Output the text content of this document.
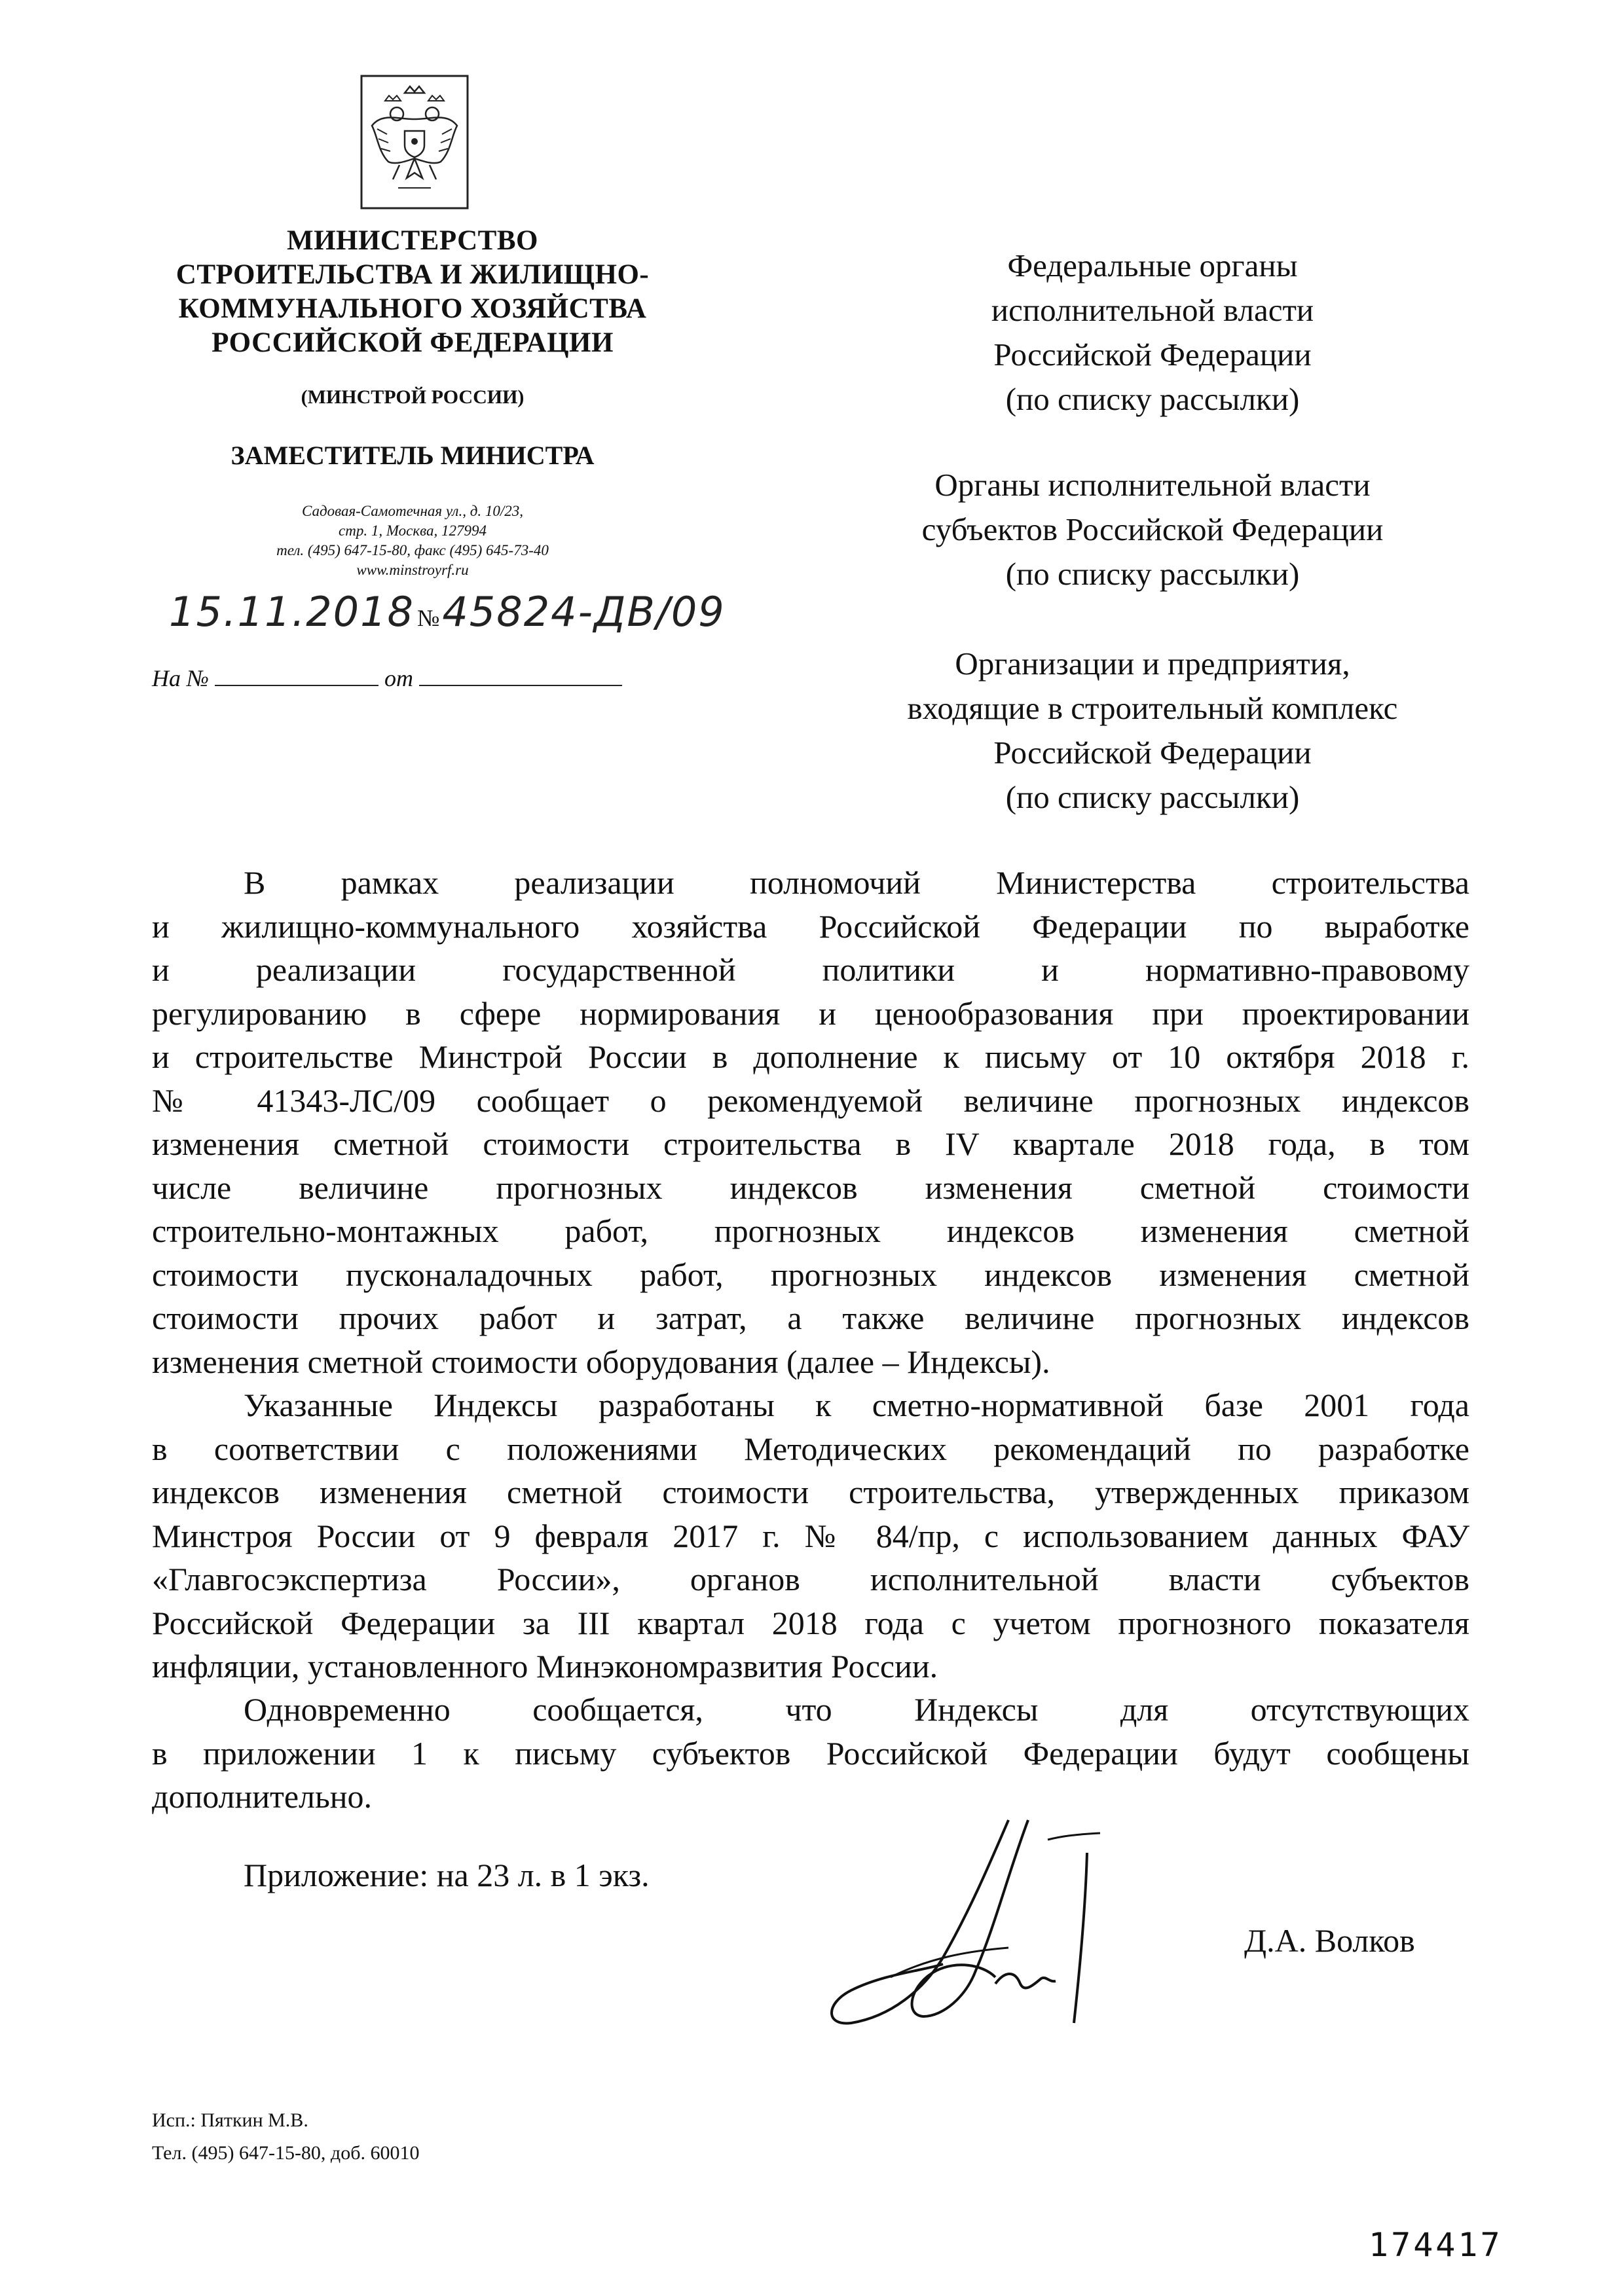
МИНИСТЕРСТВО
СТРОИТЕЛЬСТВА И ЖИЛИЩНО-
КОММУНАЛЬНОГО ХОЗЯЙСТВА
РОССИЙСКОЙ ФЕДЕРАЦИИ
(МИНСТРОЙ РОССИИ)
ЗАМЕСТИТЕЛЬ МИНИСТРА
Садовая-Самотечная ул., д. 10/23,
стр. 1, Москва, 127994
тел. (495) 647-15-80, факс (495) 645-73-40
www.minstroyrf.ru
15.11.2018 № 45824-ДВ/09
На №	от
Федеральные органы
исполнительной власти
Российской Федерации
(по списку рассылки)
Органы исполнительной власти
субъектов Российской Федерации
(по списку рассылки)
Организации и предприятия,
входящие в строительный комплекс
Российской Федерации
(по списку рассылки)
В рамках реализации полномочий Министерства строительства
и жилищно-коммунального хозяйства Российской Федерации по выработке
и реализации государственной политики и нормативно-правовому
регулированию в сфере нормирования и ценообразования при проектировании
и строительстве Минстрой России в дополнение к письму от 10 октября 2018 г.
№ 41343-ЛС/09 сообщает о рекомендуемой величине прогнозных индексов
изменения сметной стоимости строительства в IV квартале 2018 года, в том
числе величине прогнозных индексов изменения сметной стоимости
строительно-монтажных работ, прогнозных индексов изменения сметной
стоимости пусконаладочных работ, прогнозных индексов изменения сметной
стоимости прочих работ и затрат, а также величине прогнозных индексов
изменения сметной стоимости оборудования (далее – Индексы).
Указанные Индексы разработаны к сметно-нормативной базе 2001 года
в соответствии с положениями Методических рекомендаций по разработке
индексов изменения сметной стоимости строительства, утвержденных приказом
Минстроя России от 9 февраля 2017 г. № 84/пр, с использованием данных ФАУ
«Главгосэкспертиза России», органов исполнительной власти субъектов
Российской Федерации за III квартал 2018 года с учетом прогнозного показателя
инфляции, установленного Минэкономразвития России.
Одновременно сообщается, что Индексы для отсутствующих
в приложении 1 к письму субъектов Российской Федерации будут сообщены
дополнительно.
Приложение: на 23 л. в 1 экз.
Д.А. Волков
Исп.: Пяткин М.В.
Тел. (495) 647-15-80, доб. 60010
174417
